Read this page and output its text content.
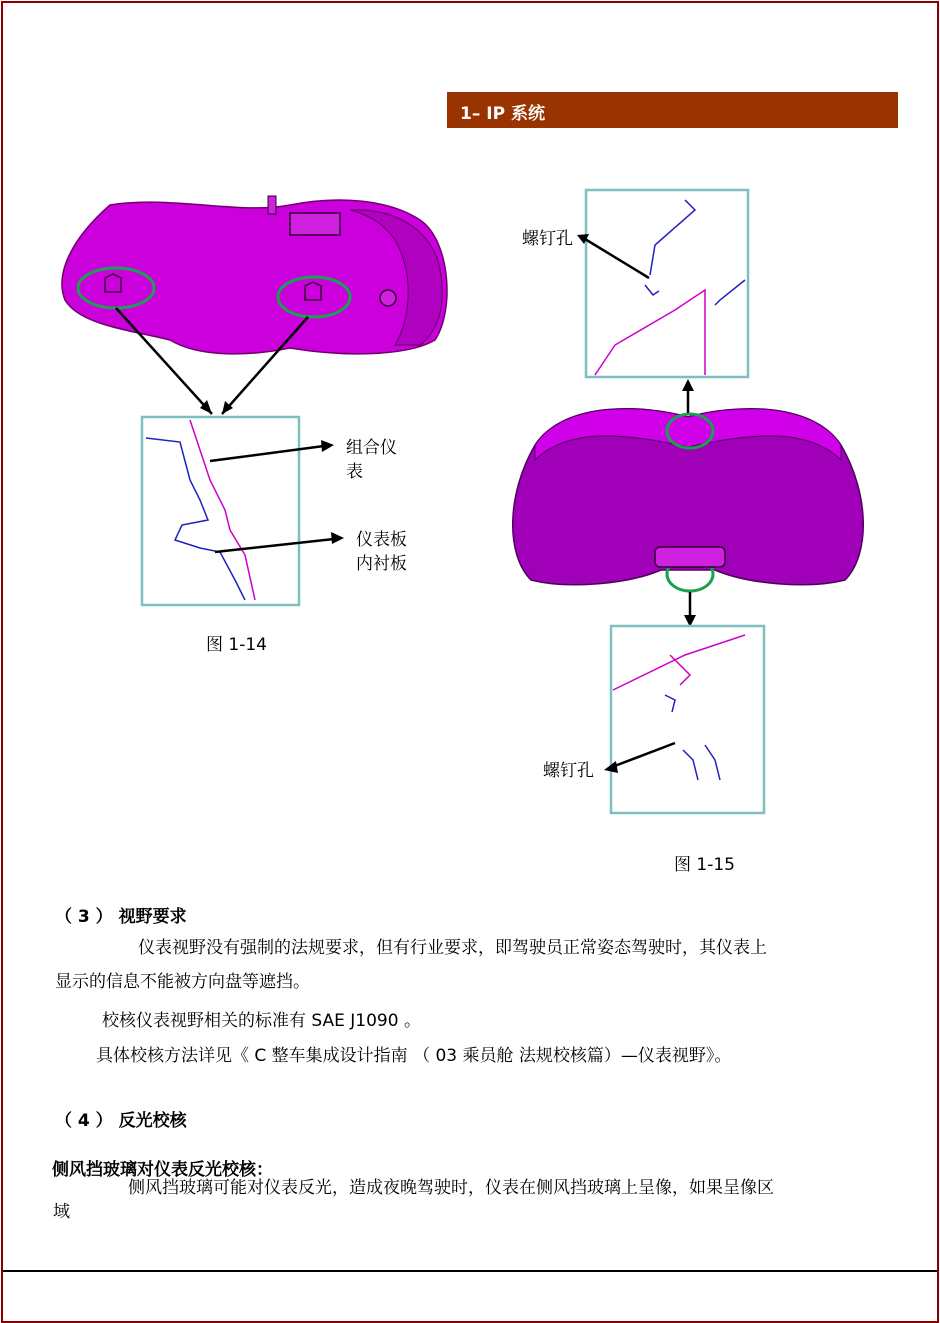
1– IP 系统
组合仪
表
仪表板
内衬板
图 1-14
螺钉孔
螺钉孔
图 1-15
（ 3 ） 视野要求
仪表视野没有强制的法规要求，但有行业要求，即驾驶员正常姿态驾驶时，其仪表上
显示的信息不能被方向盘等遮挡。
校核仪表视野相关的标准有 SAE J1090 。
具体校核方法详见《 C 整车集成设计指南 （ 03 乘员舱 法规校核篇）—仪表视野》。
（ 4 ） 反光校核
侧风挡玻璃对仪表反光校核：
侧风挡玻璃可能对仪表反光，造成夜晚驾驶时，仪表在侧风挡玻璃上呈像，如果呈像区
域
